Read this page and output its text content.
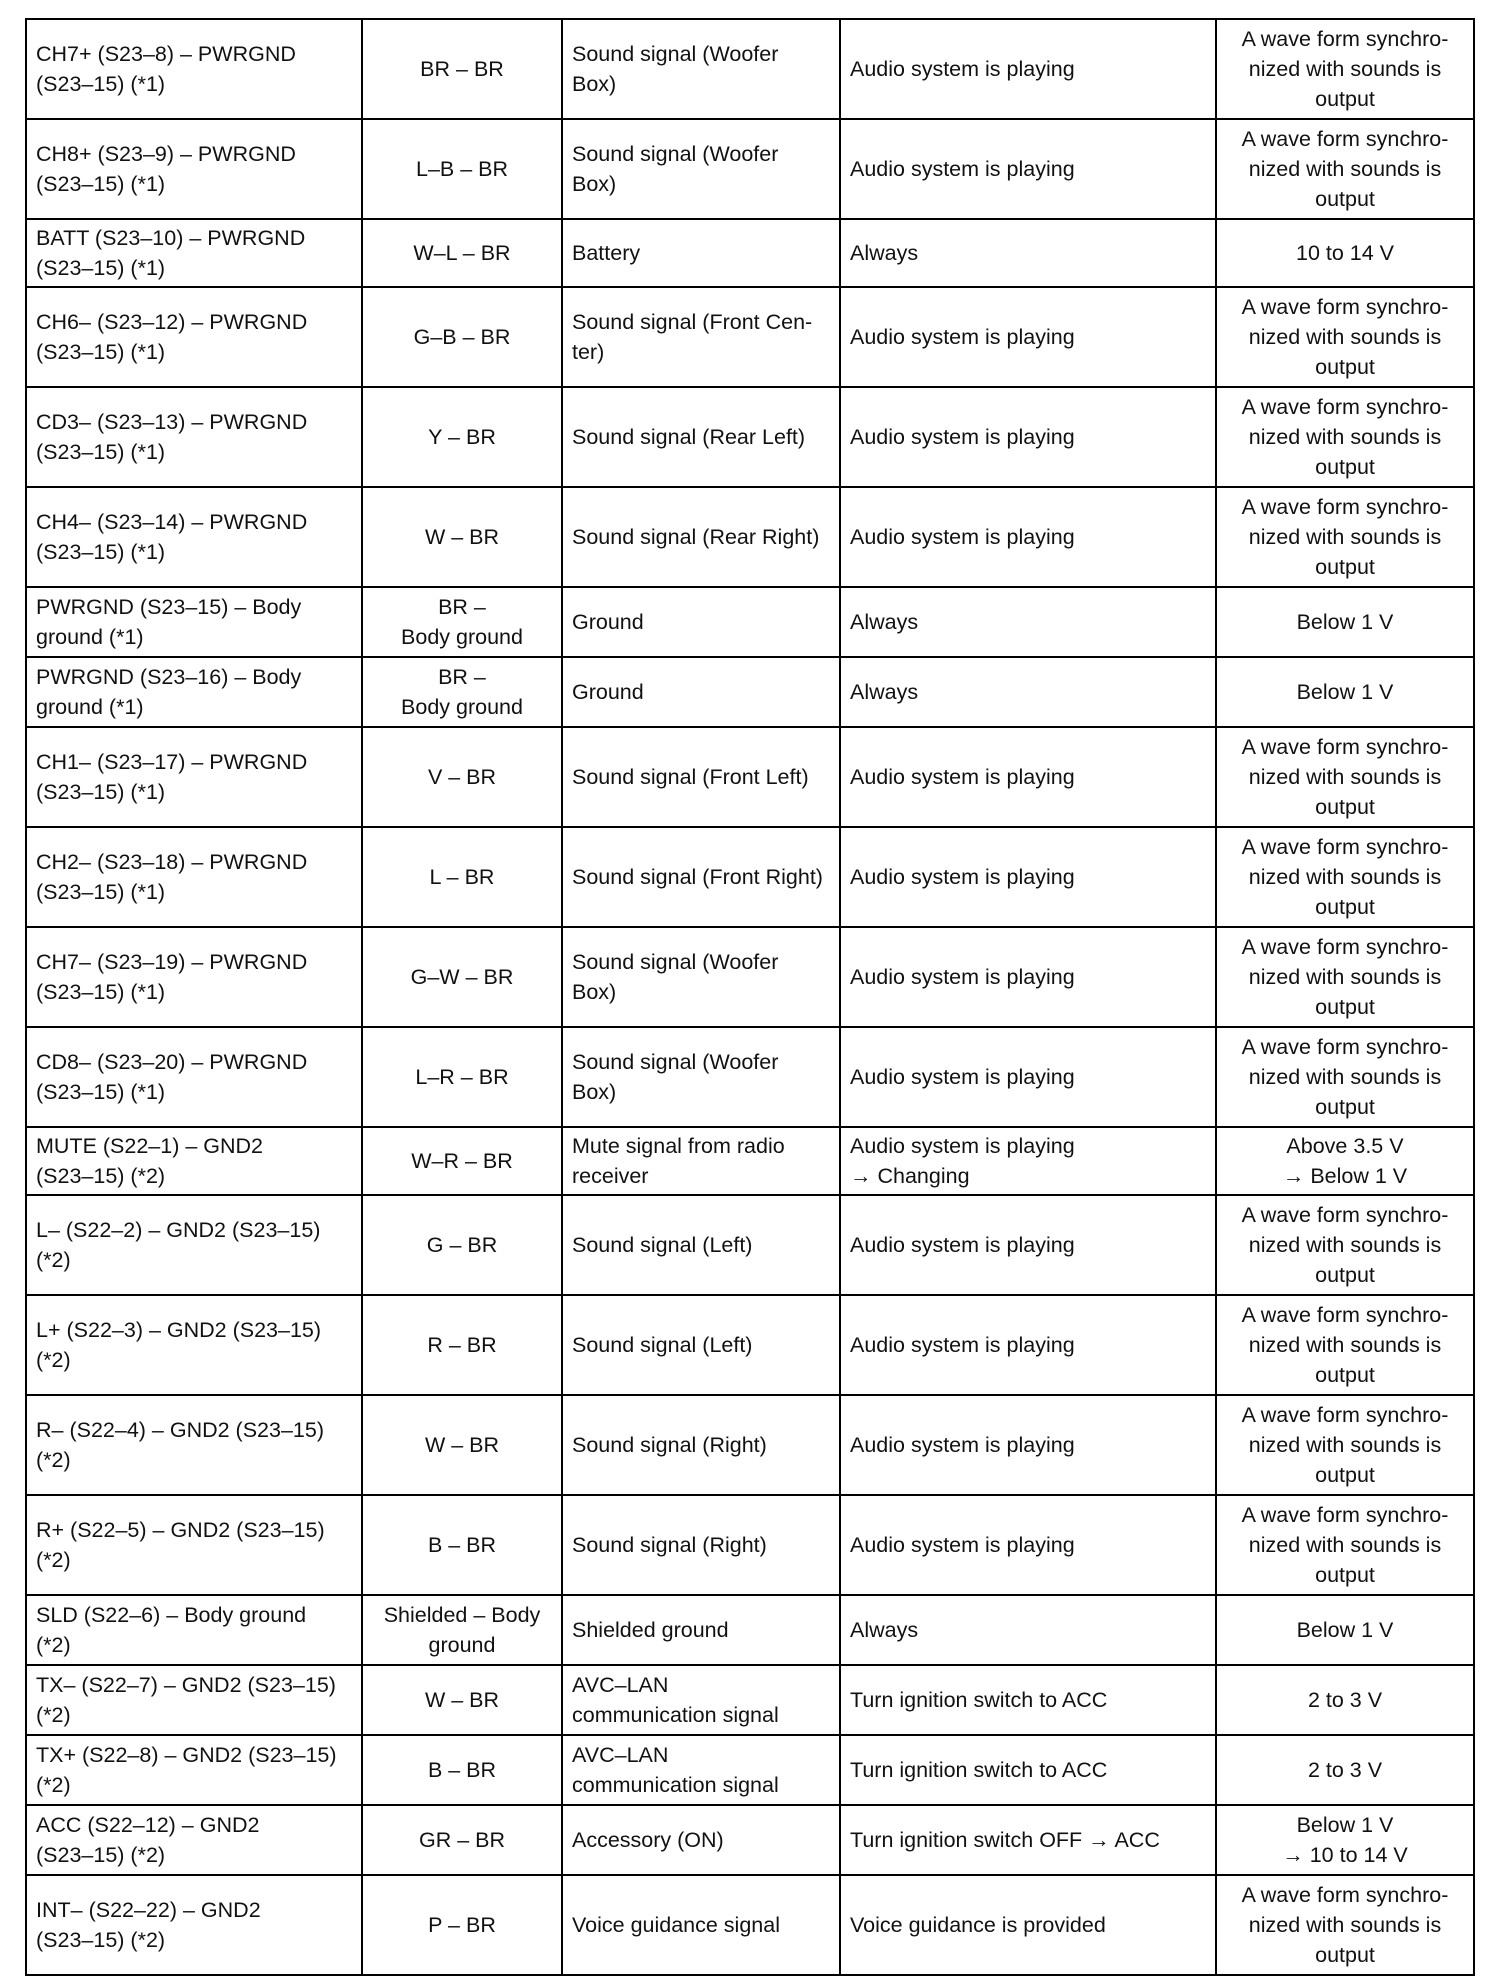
CH7+ (S23–8) – PWRGND
(S23–15) (*1)	BR – BR	Sound signal (Woofer
Box)	Audio system is playing	A wave form synchro-
nized with sounds is
output
CH8+ (S23–9) – PWRGND
(S23–15) (*1)	L–B – BR	Sound signal (Woofer
Box)	Audio system is playing	A wave form synchro-
nized with sounds is
output
BATT (S23–10) – PWRGND
(S23–15) (*1)	W–L – BR	Battery	Always	10 to 14 V
CH6– (S23–12) – PWRGND
(S23–15) (*1)	G–B – BR	Sound signal (Front Cen-
ter)	Audio system is playing	A wave form synchro-
nized with sounds is
output
CD3– (S23–13) – PWRGND
(S23–15) (*1)	Y – BR	Sound signal (Rear Left)	Audio system is playing	A wave form synchro-
nized with sounds is
output
CH4– (S23–14) – PWRGND
(S23–15) (*1)	W – BR	Sound signal (Rear Right)	Audio system is playing	A wave form synchro-
nized with sounds is
output
PWRGND (S23–15) – Body
ground (*1)	BR –
Body ground	Ground	Always	Below 1 V
PWRGND (S23–16) – Body
ground (*1)	BR –
Body ground	Ground	Always	Below 1 V
CH1– (S23–17) – PWRGND
(S23–15) (*1)	V – BR	Sound signal (Front Left)	Audio system is playing	A wave form synchro-
nized with sounds is
output
CH2– (S23–18) – PWRGND
(S23–15) (*1)	L – BR	Sound signal (Front Right)	Audio system is playing	A wave form synchro-
nized with sounds is
output
CH7– (S23–19) – PWRGND
(S23–15) (*1)	G–W – BR	Sound signal (Woofer
Box)	Audio system is playing	A wave form synchro-
nized with sounds is
output
CD8– (S23–20) – PWRGND
(S23–15) (*1)	L–R – BR	Sound signal (Woofer
Box)	Audio system is playing	A wave form synchro-
nized with sounds is
output
MUTE (S22–1) – GND2
(S23–15) (*2)	W–R – BR	Mute signal from radio
receiver	Audio system is playing
→ Changing	Above 3.5 V
→ Below 1 V
L– (S22–2) – GND2 (S23–15)
(*2)	G – BR	Sound signal (Left)	Audio system is playing	A wave form synchro-
nized with sounds is
output
L+ (S22–3) – GND2 (S23–15)
(*2)	R – BR	Sound signal (Left)	Audio system is playing	A wave form synchro-
nized with sounds is
output
R– (S22–4) – GND2 (S23–15)
(*2)	W – BR	Sound signal (Right)	Audio system is playing	A wave form synchro-
nized with sounds is
output
R+ (S22–5) – GND2 (S23–15)
(*2)	B – BR	Sound signal (Right)	Audio system is playing	A wave form synchro-
nized with sounds is
output
SLD (S22–6) – Body ground
(*2)	Shielded – Body
ground	Shielded ground	Always	Below 1 V
TX– (S22–7) – GND2 (S23–15)
(*2)	W – BR	AVC–LAN
communication signal	Turn ignition switch to ACC	2 to 3 V
TX+ (S22–8) – GND2 (S23–15)
(*2)	B – BR	AVC–LAN
communication signal	Turn ignition switch to ACC	2 to 3 V
ACC (S22–12) – GND2
(S23–15) (*2)	GR – BR	Accessory (ON)	Turn ignition switch OFF → ACC	Below 1 V
→ 10 to 14 V
INT– (S22–22) – GND2
(S23–15) (*2)	P – BR	Voice guidance signal	Voice guidance is provided	A wave form synchro-
nized with sounds is
output
